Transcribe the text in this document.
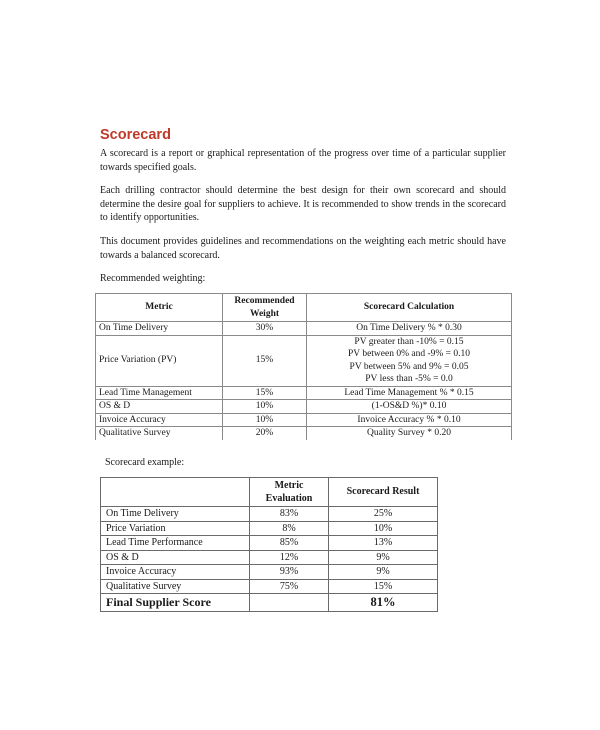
Scorecard
A scorecard is a report or graphical representation of the progress over time of a particular supplier towards specified goals.
Each drilling contractor should determine the best design for their own scorecard and should determine the desire goal for suppliers to achieve. It is recommended to show trends in the scorecard to identify opportunities.
This document provides guidelines and recommendations on the weighting each metric should have towards a balanced scorecard.
Recommended weighting:
Metric	Recommended Weight	Scorecard Calculation
On Time Delivery	30%	On Time Delivery % * 0.30

Price Variation (PV)	15%	PV greater than -10% = 0.15
PV between 0% and -9% = 0.10
PV between 5% and 9% = 0.05
PV less than -5% = 0.0

Lead Time Management	15%	Lead Time Management % * 0.15

OS & D	10%	(1-OS&D %)* 0.10

Invoice Accuracy	10%	Invoice Accuracy % * 0.10

Qualitative Survey	20%	Quality Survey * 0.20
Scorecard example:
	Metric Evaluation	Scorecard Result
On Time Delivery	83%	25%
Price Variation	8%	10%
Lead Time Performance	85%	13%
OS & D	12%	9%
Invoice Accuracy	93%	9%
Qualitative Survey	75%	15%
Final Supplier Score		81%
